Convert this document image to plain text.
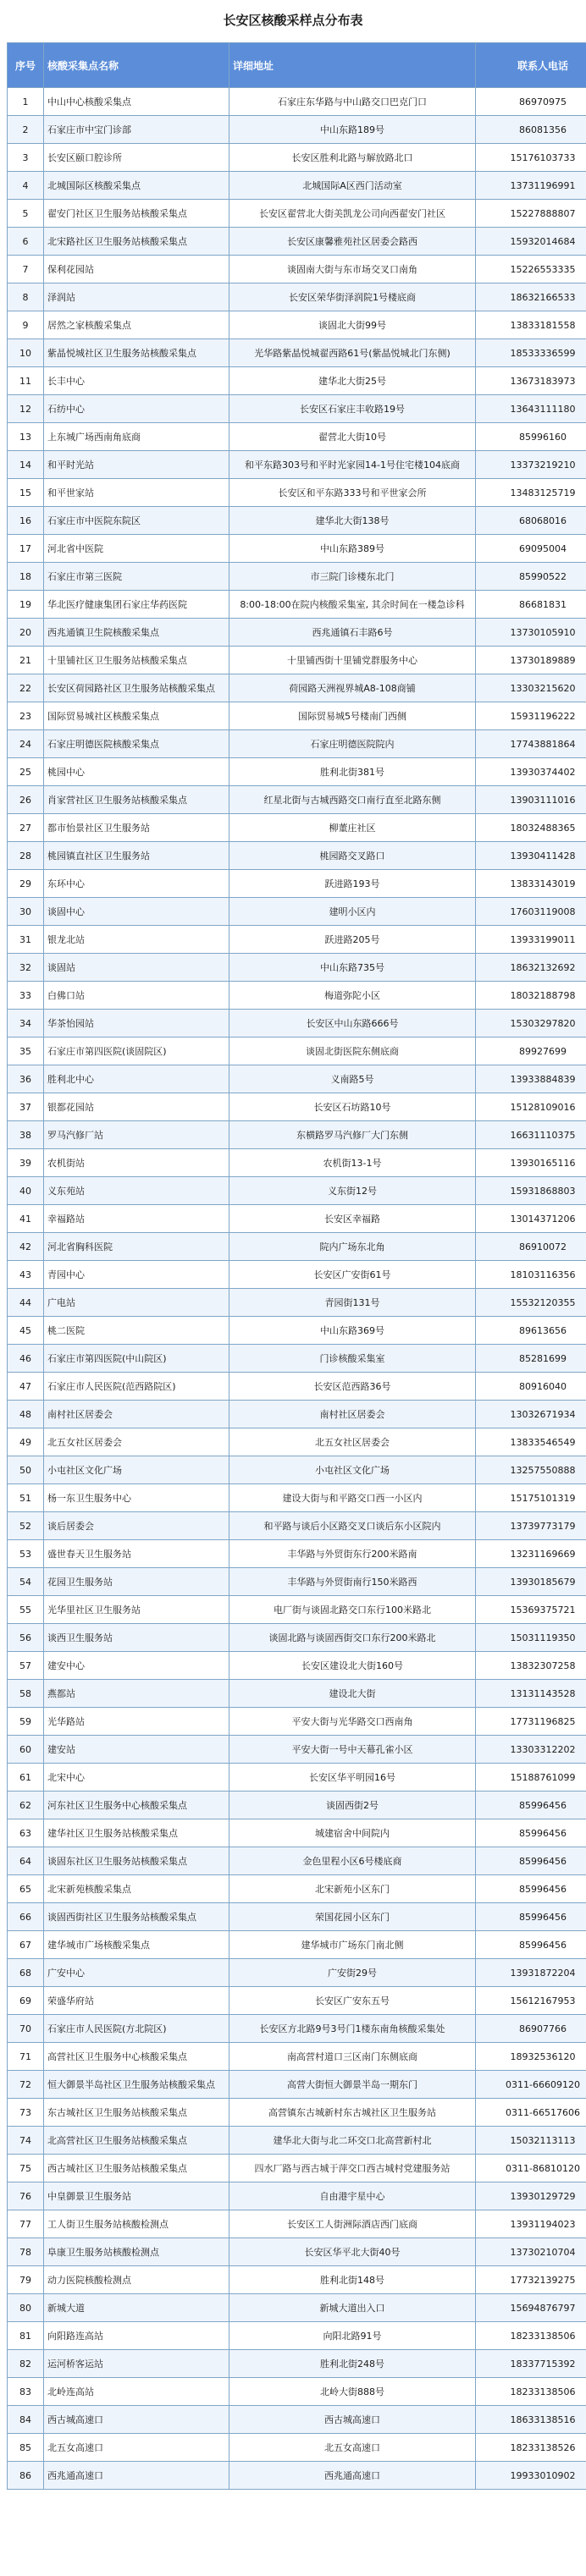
长安区核酸采样点分布表
序号	核酸采集点名称	详细地址	联系人电话
1	中山中心核酸采集点	石家庄东华路与中山路交口巴克门口	86970975
2	石家庄市中宝门诊部	中山东路189号	86081356
3	长安区颐口腔诊所	长安区胜利北路与解放路北口	15176103733
4	北城国际区核酸采集点	北城国际A区西门活动室	13731196991
5	翟安门社区卫生服务站核酸采集点	长安区翟营北大街美凯龙公司向西翟安门社区	15227888807
6	北宋路社区卫生服务站核酸采集点	长安区康馨雅苑社区居委会路西	15932014684
7	保利花园站	谈固南大街与东市场交叉口南角	15226553335
8	泽润站	长安区荣华街泽润院1号楼底商	18632166533
9	居然之家核酸采集点	谈固北大街99号	13833181558
10	紫晶悦城社区卫生服务站核酸采集点	光华路紫晶悦城翟西路61号(紫晶悦城北门东侧)	18533336599
11	长丰中心	建华北大街25号	13673183973
12	石纺中心	长安区石家庄丰收路19号	13643111180
13	上东城广场西南角底商	翟营北大街10号	85996160
14	和平时光站	和平东路303号和平时光家园14-1号住宅楼104底商	13373219210
15	和平世家站	长安区和平东路333号和平世家会所	13483125719
16	石家庄市中医院东院区	建华北大街138号	68068016
17	河北省中医院	中山东路389号	69095004
18	石家庄市第三医院	市三院门诊楼东北门	85990522
19	华北医疗健康集团石家庄华药医院	8:00-18:00在院内核酸采集室, 其余时间在一楼急诊科	86681831
20	西兆通镇卫生院核酸采集点	西兆通镇石丰路6号	13730105910
21	十里铺社区卫生服务站核酸采集点	十里铺西街十里铺党群服务中心	13730189889
22	长安区荷园路社区卫生服务站核酸采集点	荷园路天洲视界城A8-108商铺	13303215620
23	国际贸易城社区核酸采集点	国际贸易城5号楼南门西侧	15931196222
24	石家庄明德医院核酸采集点	石家庄明德医院院内	17743881864
25	桃园中心	胜利北街381号	13930374402
26	肖家营社区卫生服务站核酸采集点	红星北街与古城西路交口南行直至北路东侧	13903111016
27	都市怡景社区卫生服务站	柳董庄社区	18032488365
28	桃园镇直社区卫生服务站	桃园路交叉路口	13930411428
29	东环中心	跃进路193号	13833143019
30	谈固中心	建明小区内	17603119008
31	银龙北站	跃进路205号	13933199011
32	谈固站	中山东路735号	18632132692
33	白佛口站	梅道弥陀小区	18032188798
34	华茶怡园站	长安区中山东路666号	15303297820
35	石家庄市第四医院(谈固院区)	谈固北街医院东侧底商	89927699
36	胜利北中心	义南路5号	13933884839
37	银都花园站	长安区石坊路10号	15128109016
38	罗马汽修厂站	东横路罗马汽修厂大门东侧	16631110375
39	农机街站	农机街13-1号	13930165116
40	义东苑站	义东街12号	15931868803
41	幸福路站	长安区幸福路	13014371206
42	河北省胸科医院	院内广场东北角	86910072
43	青园中心	长安区广安街61号	18103116356
44	广电站	青园街131号	15532120355
45	桃二医院	中山东路369号	89613656
46	石家庄市第四医院(中山院区)	门诊核酸采集室	85281699
47	石家庄市人民医院(范西路院区)	长安区范西路36号	80916040
48	南村社区居委会	南村社区居委会	13032671934
49	北五女社区居委会	北五女社区居委会	13833546549
50	小屯社区文化广场	小屯社区文化广场	13257550888
51	杨一东卫生服务中心	建设大街与和平路交口西一小区内	15175101319
52	谈后居委会	和平路与谈后小区路交叉口谈后东小区院内	13739773179
53	盛世春天卫生服务站	丰华路与外贸街东行200米路南	13231169669
54	花园卫生服务站	丰华路与外贸街南行150米路西	13930185679
55	光华里社区卫生服务站	电厂街与谈固北路交口东行100米路北	15369375721
56	谈西卫生服务站	谈固北路与谈固西街交口东行200米路北	15031119350
57	建安中心	长安区建设北大街160号	13832307258
58	燕都站	建设北大街	13131143528
59	光华路站	平安大街与光华路交口西南角	17731196825
60	建安站	平安大街一号中天幕孔雀小区	13303312202
61	北宋中心	长安区华平明园16号	15188761099
62	河东社区卫生服务中心核酸采集点	谈固西街2号	85996456
63	建华社区卫生服务站核酸采集点	城建宿舍中间院内	85996456
64	谈固东社区卫生服务站核酸采集点	金色里程小区6号楼底商	85996456
65	北宋新苑核酸采集点	北宋新苑小区东门	85996456
66	谈固西街社区卫生服务站核酸采集点	荣国花园小区东门	85996456
67	建华城市广场核酸采集点	建华城市广场东门南北侧	85996456
68	广安中心	广安街29号	13931872204
69	荣盛华府站	长安区广安东五号	15612167953
70	石家庄市人民医院(方北院区)	长安区方北路9号3号门1楼东南角核酸采集处	86907766
71	高营社区卫生服务中心核酸采集点	南高营村道口三区南门东侧底商	18932536120
72	恒大御景半岛社区卫生服务站核酸采集点	高营大街恒大御景半岛一期东门	0311-66609120
73	东古城社区卫生服务站核酸采集点	高营镇东古城新村东古城社区卫生服务站	0311-66517606
74	北高营社区卫生服务站核酸采集点	建华北大街与北二环交口北高营新村北	15032113113
75	西古城社区卫生服务站核酸采集点	四水厂路与西古城于萍交口西古城村党建服务站	0311-86810120
76	中皇御景卫生服务站	自由港宇星中心	13930129729
77	工人街卫生服务站核酸检测点	长安区工人街洲际酒店西门底商	13931194023
78	阜康卫生服务站核酸检测点	长安区华平北大街40号	13730210704
79	动力医院核酸检测点	胜利北街148号	17732139275
80	新城大道	新城大道出入口	15694876797
81	向阳路连高站	向阳北路91号	18233138506
82	运河桥客运站	胜利北街248号	18337715392
83	北岭连高站	北岭大街888号	18233138506
84	西古城高速口	西古城高速口	18633138516
85	北五女高速口	北五女高速口	18233138526
86	西兆通高速口	西兆通高速口	19933010902
